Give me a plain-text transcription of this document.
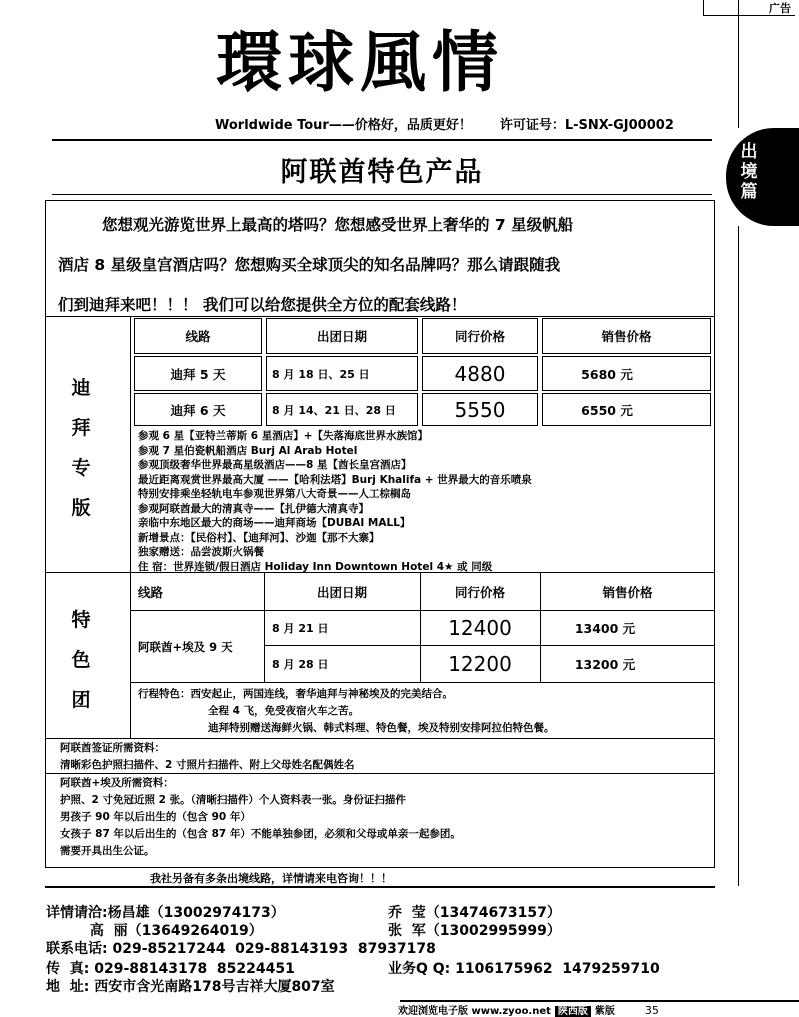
广告
環球風情
Worldwide Tour——价格好，品质更好！ 许可证号：L-SNX-GJ00002
出境篇
阿联酋特色产品
您想观光游览世界上最高的塔吗？您想感受世界上奢华的 7 星级帆船
酒店 8 星级皇宫酒店吗？您想购买全球顶尖的知名品牌吗？那么请跟随我
们到迪拜来吧！！！ 我们可以给您提供全方位的配套线路！
迪
拜
专
版
线路	出团日期	同行价格	销售价格
迪拜 5 天	8 月 18 日、25 日	4880	5680 元
迪拜 6 天	8 月 14、21 日、28 日	5550	6550 元
参观 6 星【亚特兰蒂斯 6 星酒店】+【失落海底世界水族馆】
参观 7 星伯瓷帆船酒店 Burj Al Arab Hotel
参观顶级奢华世界最高星级酒店——8 星【酋长皇宫酒店】
最近距离观赏世界最高大厦 ——【哈利法塔】Burj Khalifa + 世界最大的音乐喷泉
特别安排乘坐轻轨电车参观世界第八大奇景——人工棕榈岛
参观阿联酋最大的清真寺——【扎伊德大清真寺】
亲临中东地区最大的商场——迪拜商场【DUBAI MALL】
新增景点：【民俗村】、【迪拜河】、沙迦【那不大寨】
独家赠送：品尝波斯火锅餐
住 宿：世界连锁/假日酒店 Holiday Inn Downtown Hotel 4★ 或 同级
特
色
团
线路	出团日期	同行价格	销售价格
阿联酋+埃及 9 天
8 月 21 日	12400	13400 元
8 月 28 日	12200	13200 元
行程特色：西安起止，两国连线，奢华迪拜与神秘埃及的完美结合。
全程 4 飞，免受夜宿火车之苦。
迪拜特别赠送海鲜火锅、韩式料理、特色餐，埃及特别安排阿拉伯特色餐。
阿联酋签证所需资料：
清晰彩色护照扫描件、2 寸照片扫描件、附上父母姓名配偶姓名
阿联酋+埃及所需资料：
护照、2 寸免冠近照 2 张。（清晰扫描件）个人资料表一张。身份证扫描件
男孩子 90 年以后出生的（包含 90 年）
女孩子 87 年以后出生的（包含 87 年）不能单独参团，必须和父母或单亲一起参团。
需要开具出生公证。
我社另备有多条出境线路，详情请来电咨询！！！
详情请洽:杨昌雄（13002974173）	乔  莹（13474673157）
高  丽（13649264019）	张  军（13002995999）
联系电话: 029-85217244  029-88143193  87937178
传  真: 029-88143178  85224451	业务Q Q: 1106175962  1479259710
地  址: 西安市含光南路178号吉祥大厦807室
欢迎浏览电子版 www.zyoo.net 陕西版 紫版	35
